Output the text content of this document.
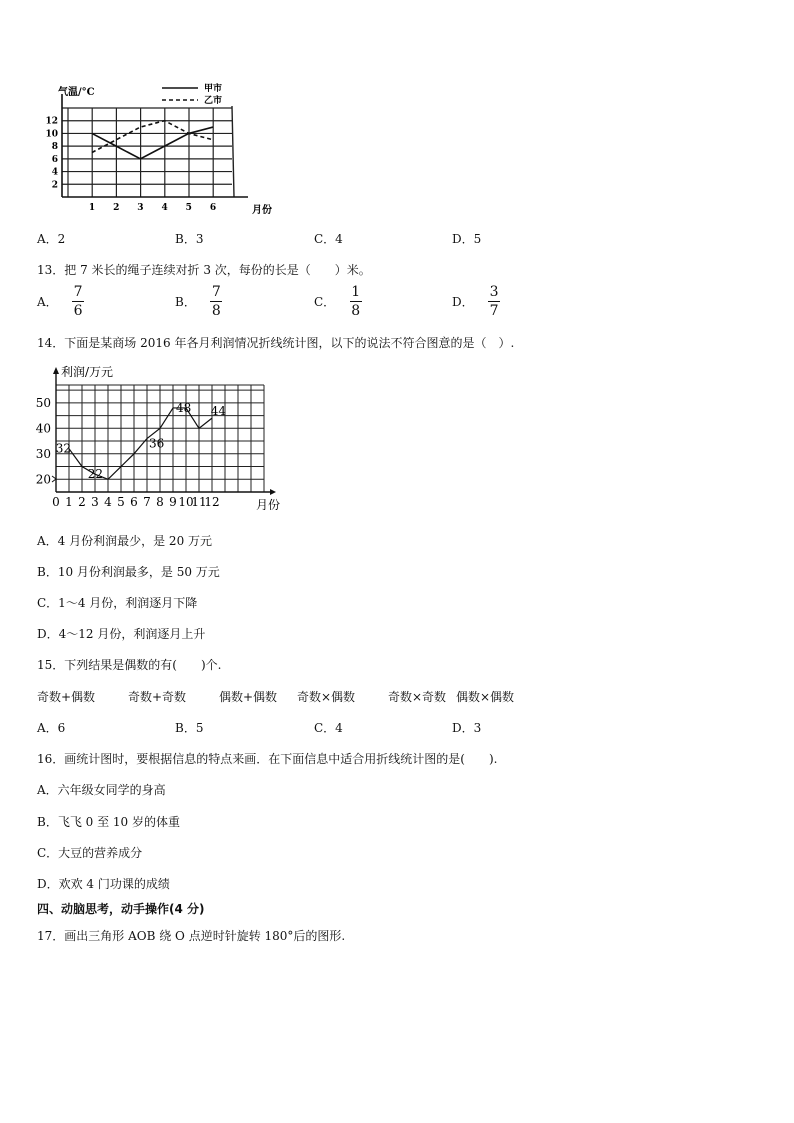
2
4
6
8
10
12
1 2 3 4 5 6
气温/°C
月份
甲市
乙市
A．2	B．3	C．4	D．5
13．把 7 米长的绳子连续对折 3 次，每份的长是（　　）米。
A． $\frac{7}{6}$	B． $\frac{7}{8}$	C． $\frac{1}{8}$	D． $\frac{3}{7}$
14．下面是某商场 2016 年各月利润情况折线统计图，以下的说法不符合图意的是（　）.
20
30
40
50
0 1 2 3 4 5 6 7 8 9 10
11
12
32
22
36
48 44
利润/万元
月份
A．4 月份利润最少，是 20 万元
B．10 月份利润最多，是 50 万元
C．1～4 月份，利润逐月下降
D．4～12 月份，利润逐月上升
15．下列结果是偶数的有(　　)个.
奇数+偶数	奇数+奇数	偶数+偶数 奇数×偶数	奇数×奇数 偶数×偶数
A．6	B．5	C．4	D．3
16．画统计图时，要根据信息的特点来画．在下面信息中适合用折线统计图的是(　　).
A．六年级女同学的身高
B．飞飞 0 至 10 岁的体重
C．大豆的营养成分
D．欢欢 4 门功课的成绩
四、动脑思考，动手操作(4 分)
17．画出三角形 AOB 绕 O 点逆时针旋转 180°后的图形.
